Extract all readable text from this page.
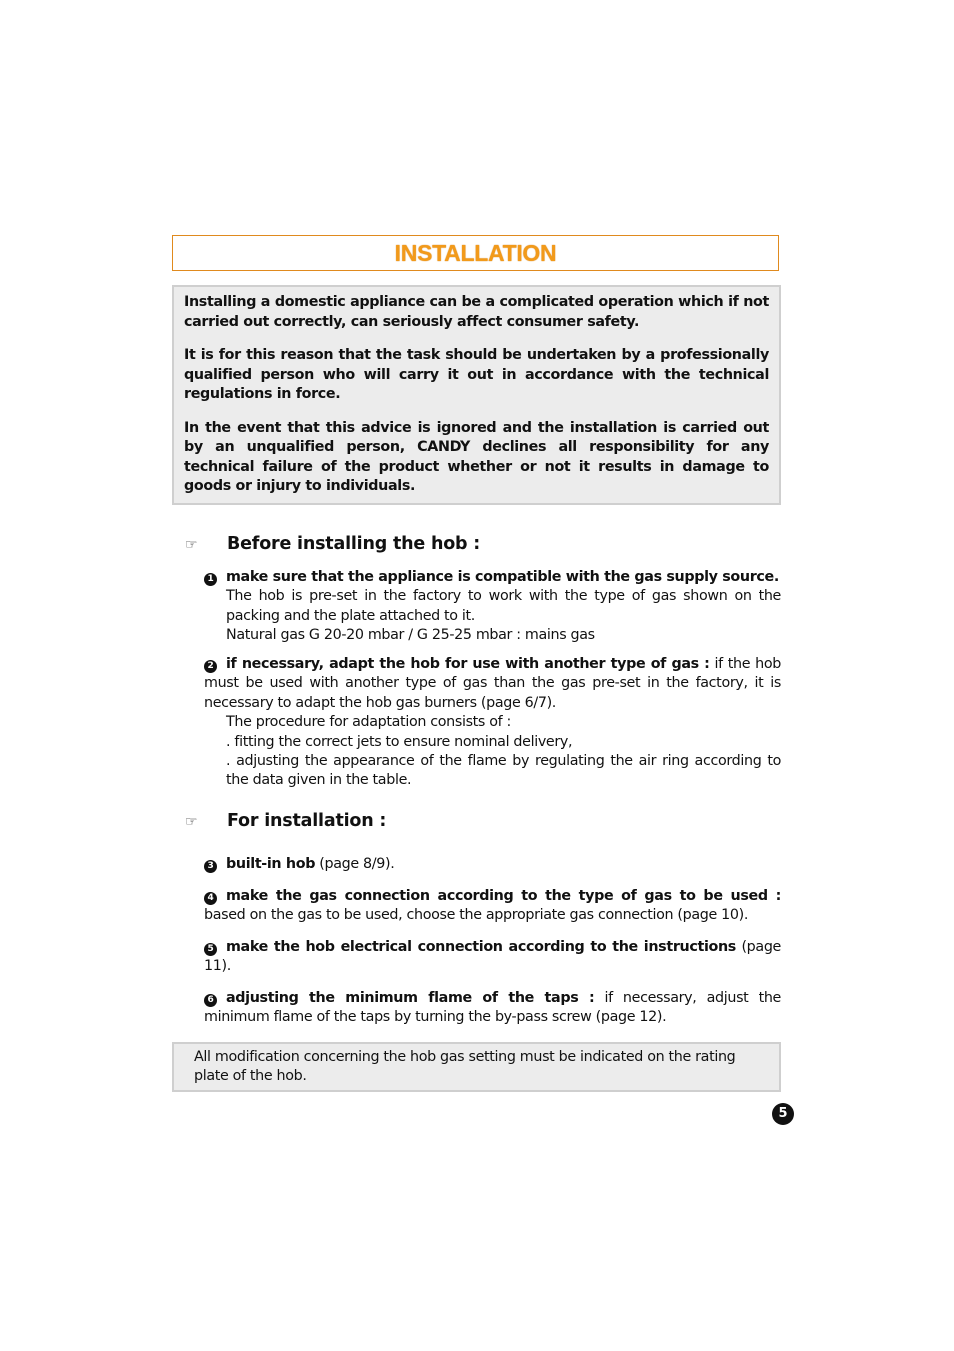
INSTALLATION

Installing a domestic appliance can be a complicated operation which if not carried out correctly, can seriously affect consumer safety.

It is for this reason that the task should be undertaken by a professionally qualified person who will carry it out in accordance with the technical regulations in force.

In the event that this advice is ignored and the installation is carried out by an unqualified person, CANDY declines all responsibility for any technical failure of the product whether or not it results in damage to goods or injury to individuals.

☞ Before installing the hob :
1 make sure that the appliance is compatible with the gas supply source.
The hob is pre-set in the factory to work with the type of gas shown on the packing and the plate attached to it.
Natural gas G 20-20 mbar / G 25-25 mbar : mains gas
2 if necessary, adapt the hob for use with another type of gas : if the hob must be used with another type of gas than the gas pre-set in the factory, it is necessary to adapt the hob gas burners (page 6/7).
The procedure for adaptation consists of :
. fitting the correct jets to ensure nominal delivery,
. adjusting the appearance of the flame by regulating the air ring according to the data given in the table.
☞ For installation :
3 built-in hob (page 8/9).
4 make the gas connection according to the type of gas to be used : based on the gas to be used, choose the appropriate gas connection (page 10).
5 make the hob electrical connection according to the instructions (page 11).
6 adjusting the minimum flame of the taps : if necessary, adjust the minimum flame of the taps by turning the by-pass screw (page 12).
All modification concerning the hob gas setting must be indicated on the rating plate of the hob.
5
